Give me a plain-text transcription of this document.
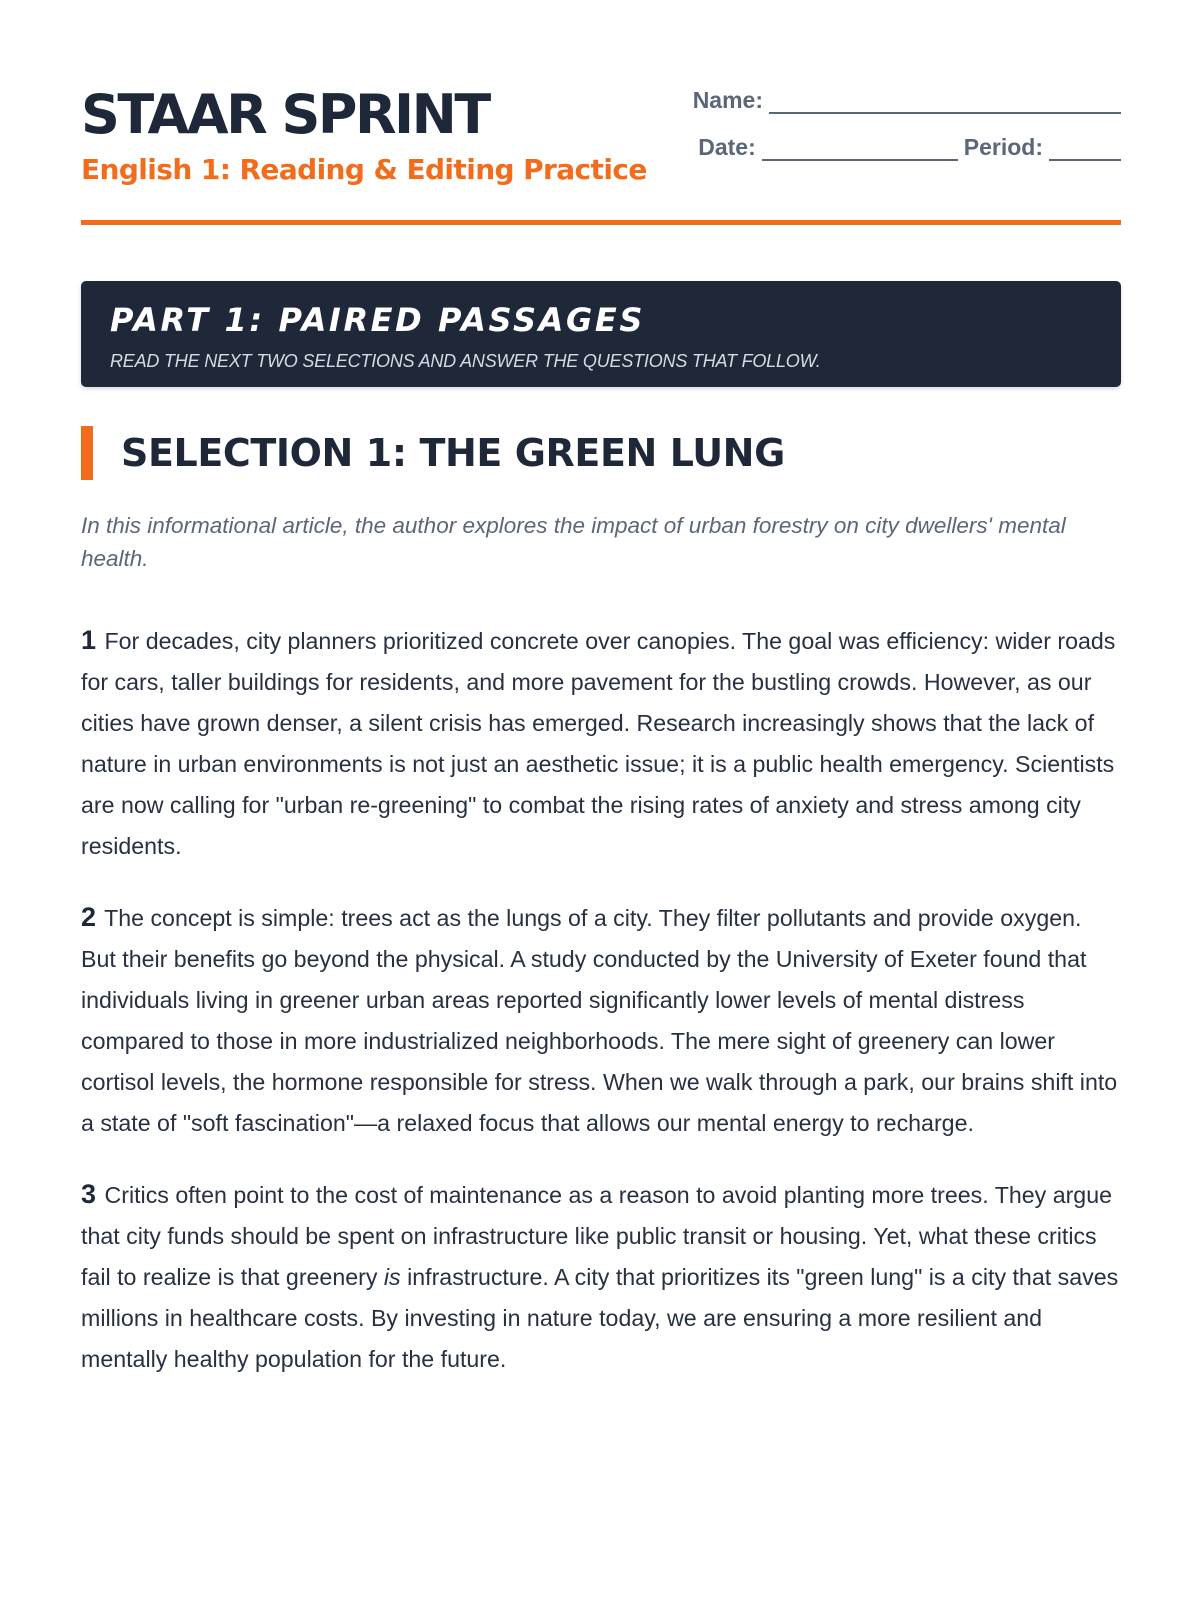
STAAR SPRINT
English 1: Reading & Editing Practice
Name:
Date:	Period:
PART 1: PAIRED PASSAGES

READ THE NEXT TWO SELECTIONS AND ANSWER THE QUESTIONS THAT FOLLOW.

SELECTION 1: THE GREEN LUNG

In this informational article, the author explores the impact of urban forestry on city dwellers' mental health.

1 For decades, city planners prioritized concrete over canopies. The goal was efficiency: wider roads for cars, taller buildings for residents, and more pavement for the bustling crowds. However, as our cities have grown denser, a silent crisis has emerged. Research increasingly shows that the lack of nature in urban environments is not just an aesthetic issue; it is a public health emergency. Scientists are now calling for "urban re-greening" to combat the rising rates of anxiety and stress among city residents.

2 The concept is simple: trees act as the lungs of a city. They filter pollutants and provide oxygen. But their benefits go beyond the physical. A study conducted by the University of Exeter found that individuals living in greener urban areas reported significantly lower levels of mental distress compared to those in more industrialized neighborhoods. The mere sight of greenery can lower cortisol levels, the hormone responsible for stress. When we walk through a park, our brains shift into a state of "soft fascination"—a relaxed focus that allows our mental energy to recharge.

3 Critics often point to the cost of maintenance as a reason to avoid planting more trees. They argue that city funds should be spent on infrastructure like public transit or housing. Yet, what these critics fail to realize is that greenery is infrastructure. A city that prioritizes its "green lung" is a city that saves millions in healthcare costs. By investing in nature today, we are ensuring a more resilient and mentally healthy population for the future.
